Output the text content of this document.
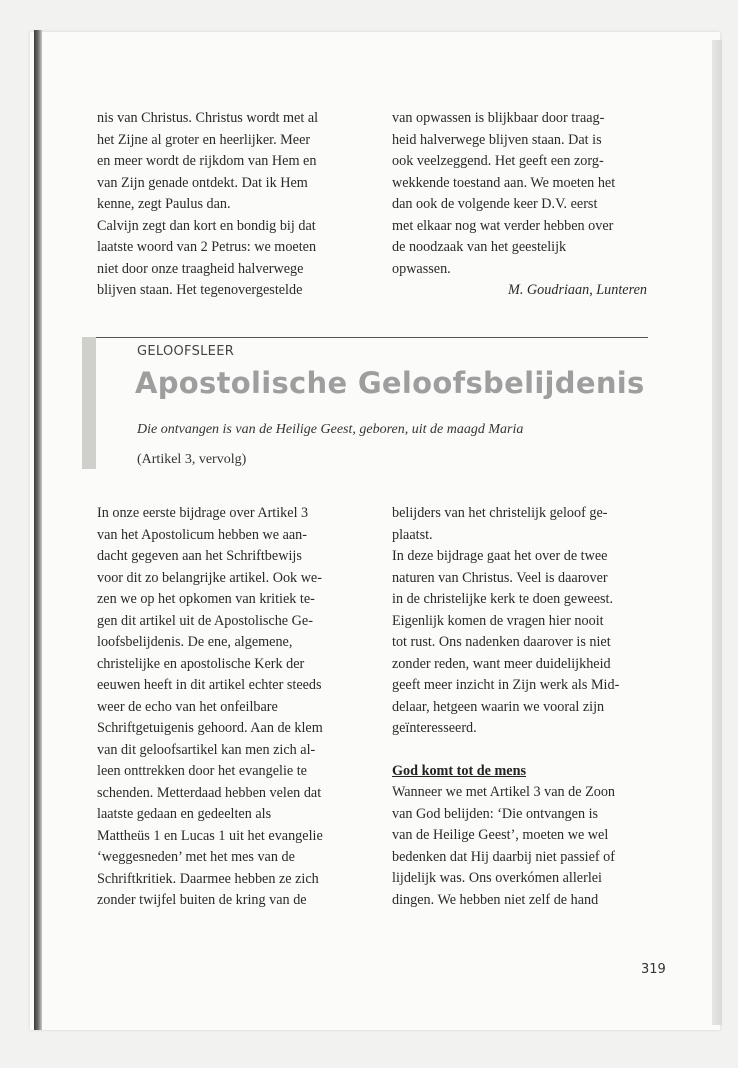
nis van Christus. Christus wordt met al

het Zijne al groter en heerlijker. Meer

en meer wordt de rijkdom van Hem en

van Zijn genade ontdekt. Dat ik Hem

kenne, zegt Paulus dan.

Calvijn zegt dan kort en bondig bij dat

laatste woord van 2 Petrus: we moeten

niet door onze traagheid halverwege

blijven staan. Het tegenovergestelde

van opwassen is blijkbaar door traag-

heid halverwege blijven staan. Dat is

ook veelzeggend. Het geeft een zorg-

wekkende toestand aan. We moeten het

dan ook de volgende keer D.V. eerst

met elkaar nog wat verder hebben over

de noodzaak van het geestelijk

opwassen.

M. Goudriaan, Lunteren

GELOOFSLEER
Apostolische Geloofsbelijdenis
Die ontvangen is van de Heilige Geest, geboren, uit de maagd Maria
(Artikel 3, vervolg)

In onze eerste bijdrage over Artikel 3

van het Apostolicum hebben we aan-

dacht gegeven aan het Schriftbewijs

voor dit zo belangrijke artikel. Ook we-

zen we op het opkomen van kritiek te-

gen dit artikel uit de Apostolische Ge-

loofsbelijdenis. De ene, algemene,

christelijke en apostolische Kerk der

eeuwen heeft in dit artikel echter steeds

weer de echo van het onfeilbare

Schriftgetuigenis gehoord. Aan de klem

van dit geloofsartikel kan men zich al-

leen onttrekken door het evangelie te

schenden. Metterdaad hebben velen dat

laatste gedaan en gedeelten als

Mattheüs 1 en Lucas 1 uit het evangelie

‘weggesneden’ met het mes van de

Schriftkritiek. Daarmee hebben ze zich

zonder twijfel buiten de kring van de

belijders van het christelijk geloof ge-

plaatst.

In deze bijdrage gaat het over de twee

naturen van Christus. Veel is daarover

in de christelijke kerk te doen geweest.

Eigenlijk komen de vragen hier nooit

tot rust. Ons nadenken daarover is niet

zonder reden, want meer duidelijkheid

geeft meer inzicht in Zijn werk als Mid-

delaar, hetgeen waarin we vooral zijn

geïnteresseerd.

God komt tot de mens

Wanneer we met Artikel 3 van de Zoon

van God belijden: ‘Die ontvangen is

van de Heilige Geest’, moeten we wel

bedenken dat Hij daarbij niet passief of

lijdelijk was. Ons overkómen allerlei

dingen. We hebben niet zelf de hand

319
